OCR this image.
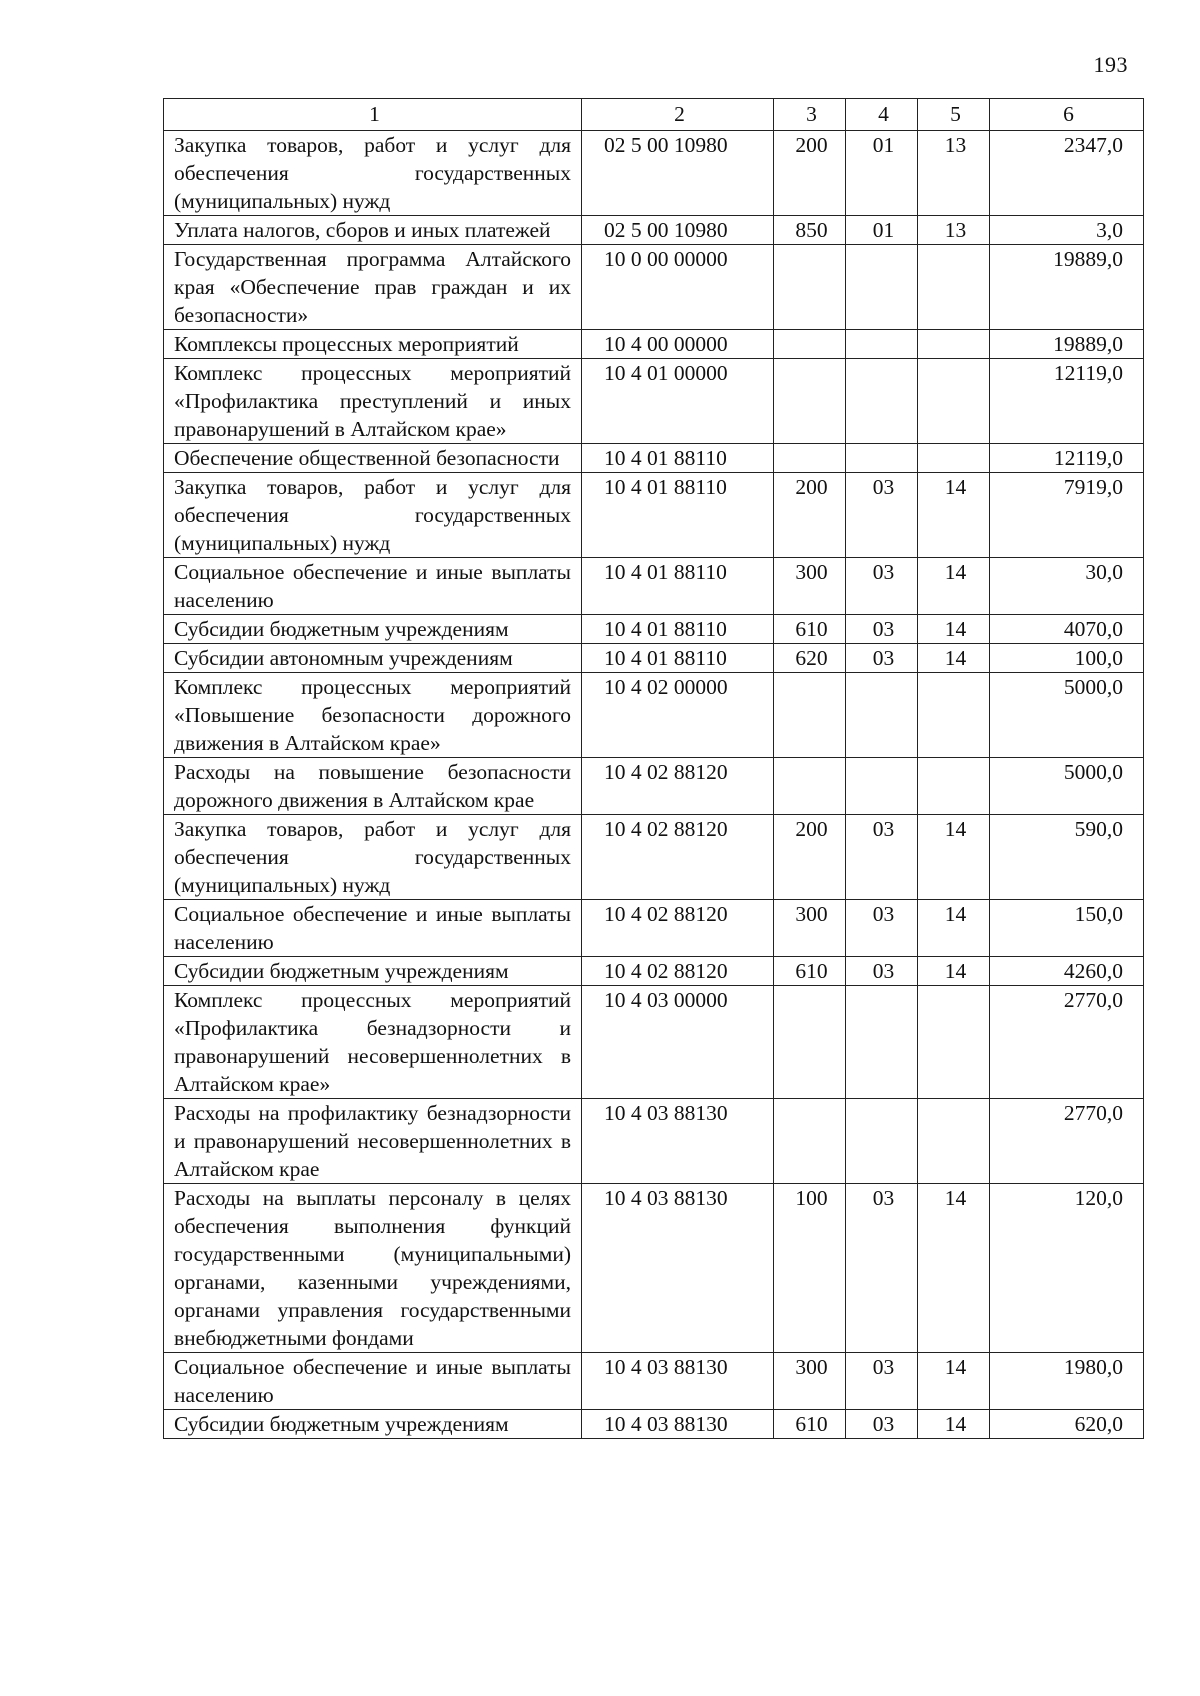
193
1	2	3	4	5	6
Закупка товаров, работ и услуг для обеспечения государственных (муниципальных) нужд	02 5 00 10980	200	01	13	2347,0
Уплата налогов, сборов и иных платежей	02 5 00 10980	850	01	13	3,0
Государственная программа Алтайского края «Обеспечение прав граждан и их безопасности»	10 0 00 00000				19889,0
Комплексы процессных мероприятий	10 4 00 00000				19889,0
Комплекс процессных мероприятий «Профилактика преступлений и иных правонарушений в Алтайском крае»	10 4 01 00000				12119,0
Обеспечение общественной безопасности	10 4 01 88110				12119,0
Закупка товаров, работ и услуг для обеспечения государственных (муниципальных) нужд	10 4 01 88110	200	03	14	7919,0
Социальное обеспечение и иные выплаты населению	10 4 01 88110	300	03	14	30,0
Субсидии бюджетным учреждениям	10 4 01 88110	610	03	14	4070,0
Субсидии автономным учреждениям	10 4 01 88110	620	03	14	100,0
Комплекс процессных мероприятий «Повышение безопасности дорожного движения в Алтайском крае»	10 4 02 00000				5000,0
Расходы на повышение безопасности дорожного движения в Алтайском крае	10 4 02 88120				5000,0
Закупка товаров, работ и услуг для обеспечения государственных (муниципальных) нужд	10 4 02 88120	200	03	14	590,0
Социальное обеспечение и иные выплаты населению	10 4 02 88120	300	03	14	150,0
Субсидии бюджетным учреждениям	10 4 02 88120	610	03	14	4260,0
Комплекс процессных мероприятий «Профилактика безнадзорности и правонарушений несовершеннолетних в Алтайском крае»	10 4 03 00000				2770,0
Расходы на профилактику безнадзорности и правонарушений несовершеннолетних в Алтайском крае	10 4 03 88130				2770,0
Расходы на выплаты персоналу в целях обеспечения выполнения функций государственными (муниципальными) органами, казенными учреждениями, органами управления государственными внебюджетными фондами	10 4 03 88130	100	03	14	120,0
Социальное обеспечение и иные выплаты населению	10 4 03 88130	300	03	14	1980,0
Субсидии бюджетным учреждениям	10 4 03 88130	610	03	14	620,0
